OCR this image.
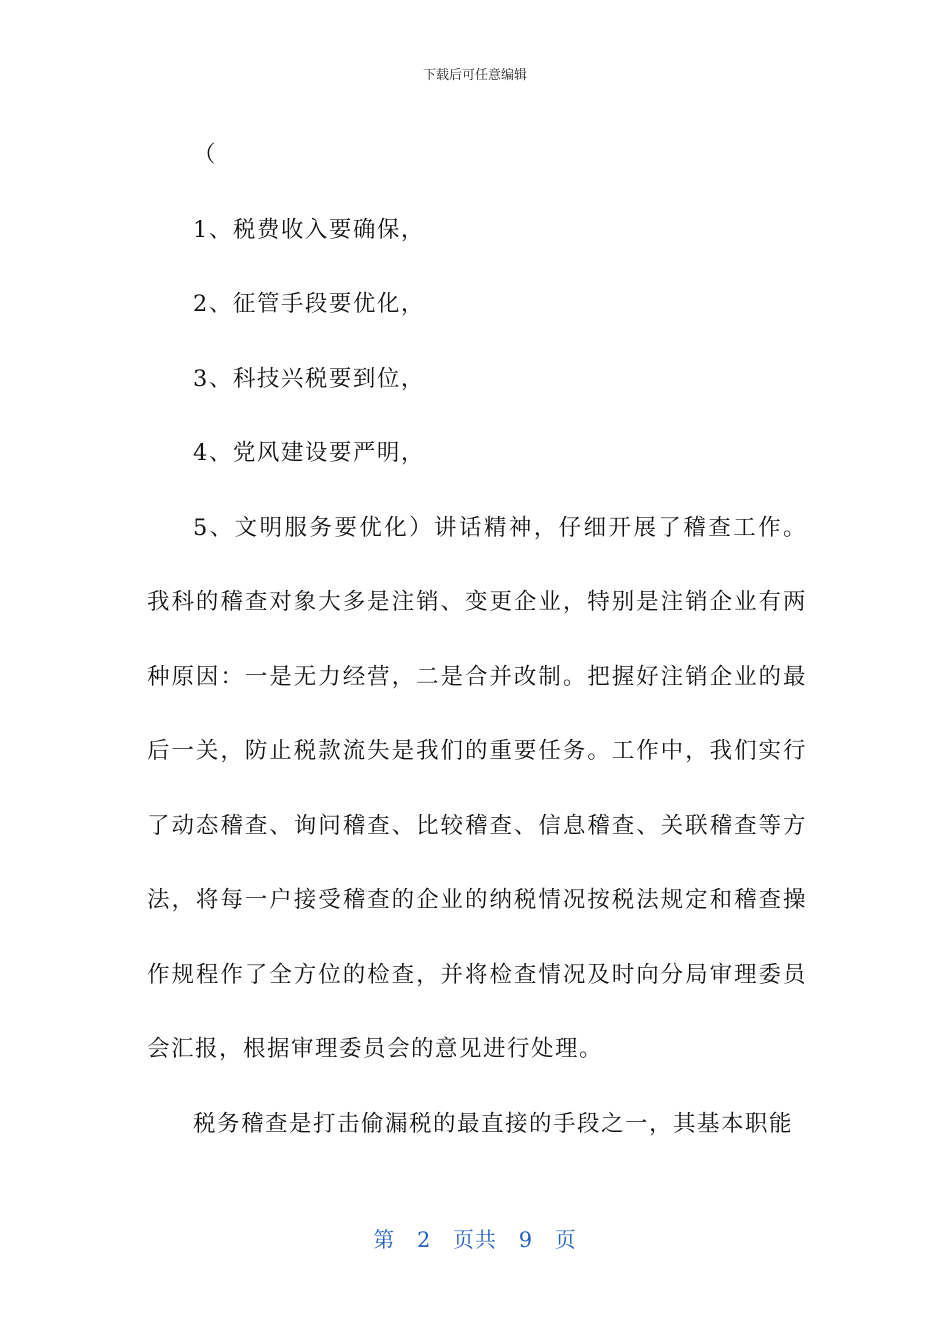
下载后可任意编辑

（

1、税费收入要确保，

2、征管手段要优化，

3、科技兴税要到位，

4、党风建设要严明，

5、文明服务要优化）讲话精神，仔细开展了稽查工作。我科的稽查对象大多是注销、变更企业，特别是注销企业有两种原因：一是无力经营，二是合并改制。把握好注销企业的最后一关，防止税款流失是我们的重要任务。工作中，我们实行了动态稽查、询问稽查、比较稽查、信息稽查、关联稽查等方法，将每一户接受稽查的企业的纳税情况按税法规定和稽查操作规程作了全方位的检查，并将检查情况及时向分局审理委员会汇报，根据审理委员会的意见进行处理。

税务稽查是打击偷漏税的最直接的手段之一，其基本职能

第 2 页共 9 页
